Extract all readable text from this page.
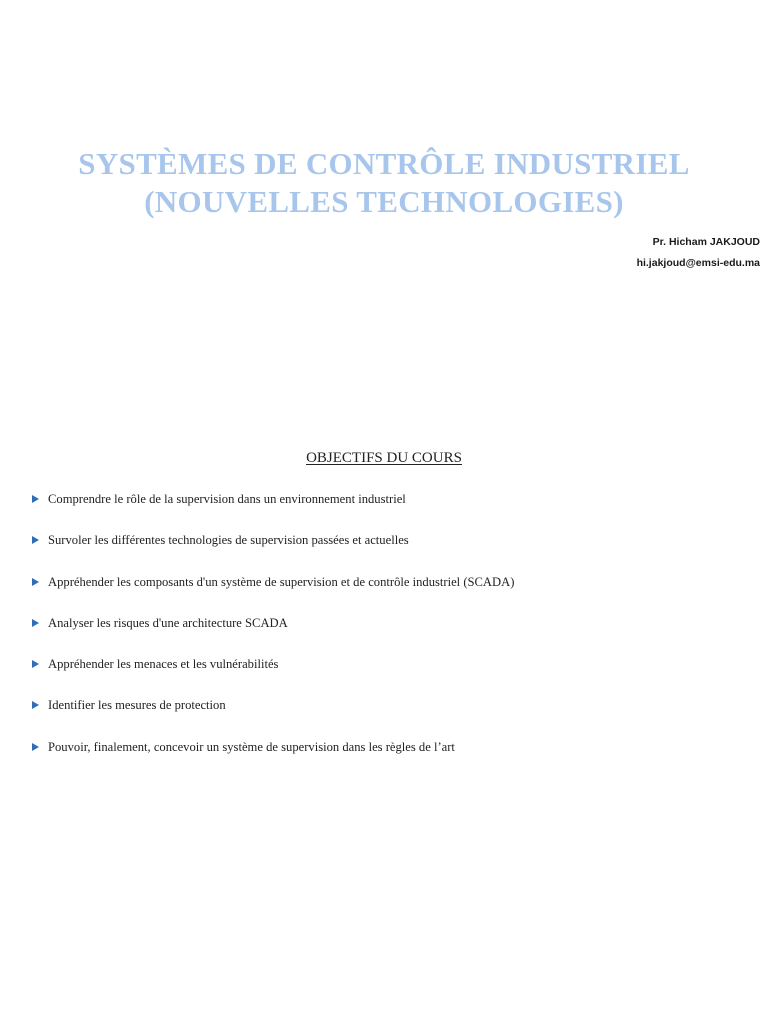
SYSTÈMES DE CONTRÔLE INDUSTRIEL
(NOUVELLES TECHNOLOGIES)
Pr. Hicham JAKJOUD
hi.jakjoud@emsi-edu.ma
OBJECTIFS DU COURS
Comprendre le rôle de la supervision dans un environnement industriel
Survoler les différentes technologies de supervision passées et actuelles
Appréhender les composants d'un système de supervision et de contrôle industriel (SCADA)
Analyser les risques d'une architecture SCADA
Appréhender les menaces et les vulnérabilités
Identifier les mesures de protection
Pouvoir, finalement, concevoir un système de supervision dans les règles de l’art
